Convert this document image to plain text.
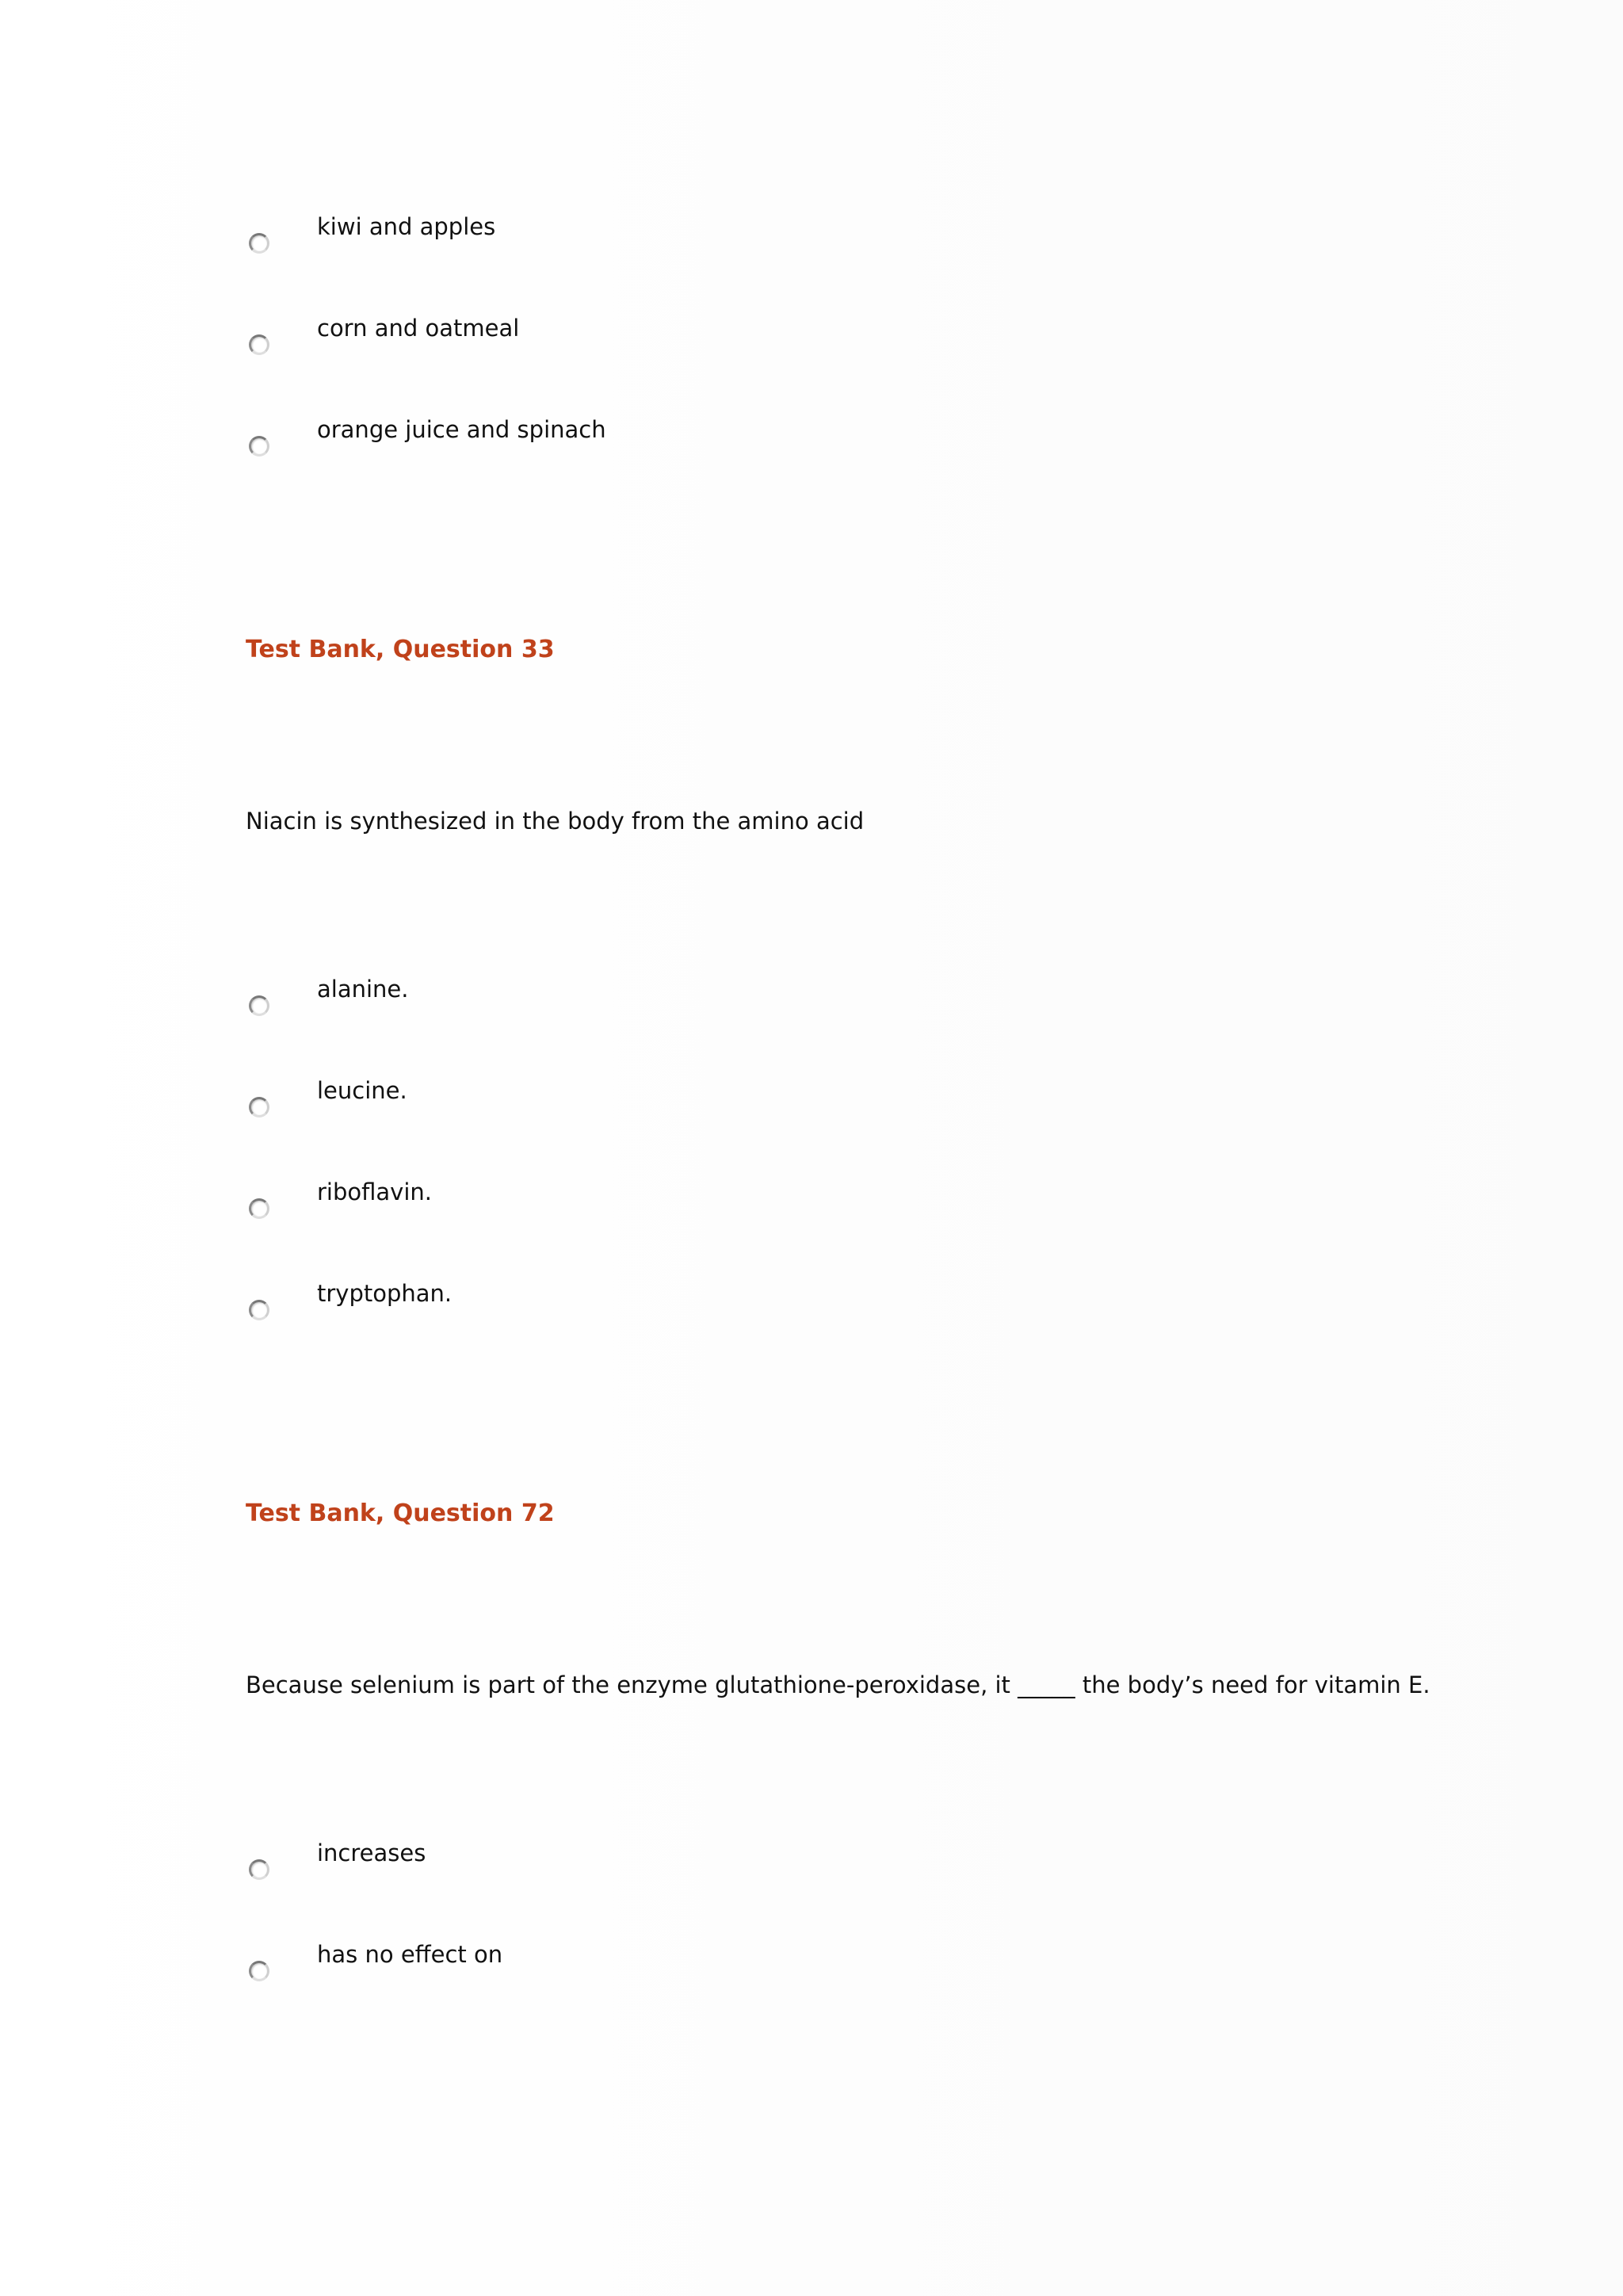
kiwi and apples
corn and oatmeal
orange juice and spinach
Test Bank, Question 33
Niacin is synthesized in the body from the amino acid
alanine.
leucine.
riboflavin.
tryptophan.
Test Bank, Question 72
Because selenium is part of the enzyme glutathione-peroxidase, it _____ the body’s need for vitamin E.
increases
has no effect on
